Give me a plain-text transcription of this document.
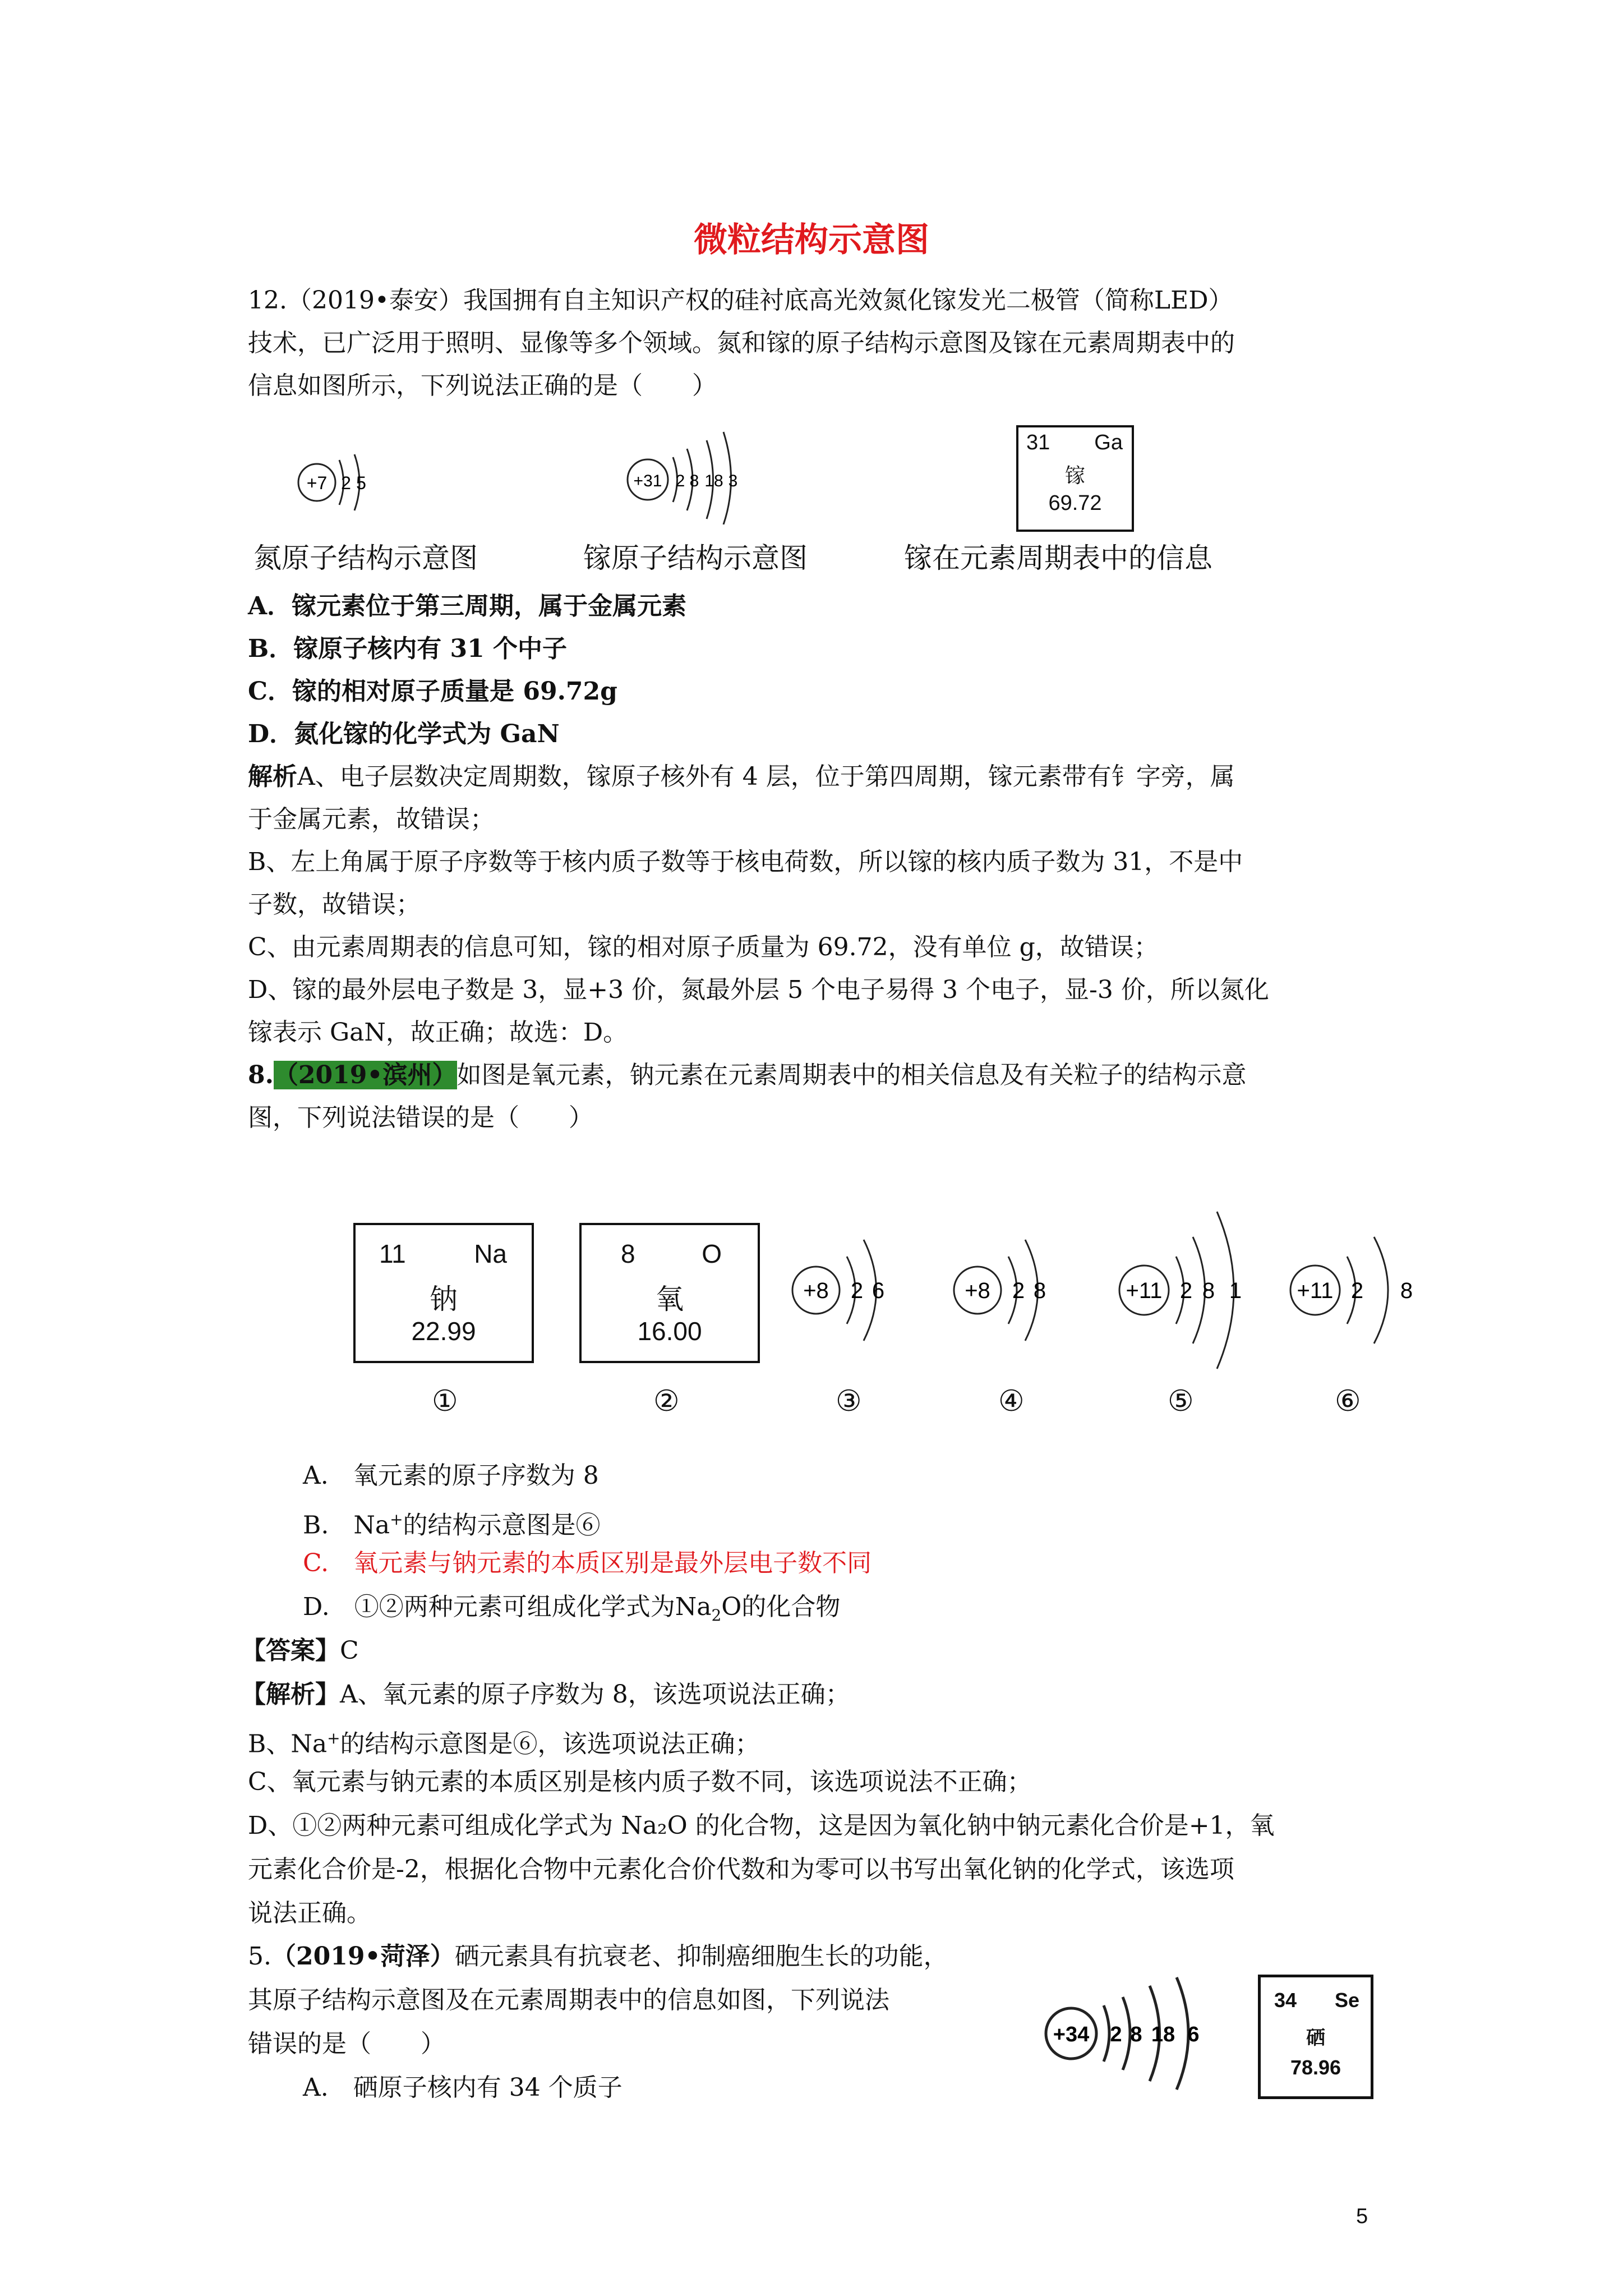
微粒结构示意图
12.（2019•泰安）我国拥有自主知识产权的硅衬底高光效氮化镓发光二极管（简称LED）
技术，已广泛用于照明、显像等多个领域。氮和镓的原子结构示意图及镓在元素周期表中的
信息如图所示，下列说法正确的是（　　）
+7 2 5
氮原子结构示意图
+31 2 8 18 3
镓原子结构示意图
31 Ga
镓
69.72
镓在元素周期表中的信息
A．镓元素位于第三周期，属于金属元素
B．镓原子核内有 31 个中子
C．镓的相对原子质量是 69.72g
D．氮化镓的化学式为 GaN
解析A、电子层数决定周期数，镓原子核外有 4 层，位于第四周期，镓元素带有钅字旁，属
于金属元素，故错误；
B、左上角属于原子序数等于核内质子数等于核电荷数，所以镓的核内质子数为 31，不是中
子数，故错误；
C、由元素周期表的信息可知，镓的相对原子质量为 69.72，没有单位 g，故错误；
D、镓的最外层电子数是 3，显+3 价，氮最外层 5 个电子易得 3 个电子，显-3 价，所以氮化
镓表示 GaN，故正确；故选：D。
8.（2019•滨州）如图是氧元素，钠元素在元素周期表中的相关信息及有关粒子的结构示意
图，下列说法错误的是（　　）
11	Na
钠
22.99
8	O
氧
16.00
+8 2 6	+8 2 8	+11 2 8 1 +11 2 8
①	②	③	④	⑤	⑥
A.　氧元素的原子序数为 8
B.　Na+的结构示意图是⑥
C.　氧元素与钠元素的本质区别是最外层电子数不同
D.　①②两种元素可组成化学式为$Na_2O$的化合物
【答案】C
【解析】A、氧元素的原子序数为 8，该选项说法正确；
B、Na+的结构示意图是⑥，该选项说法正确；
C、氧元素与钠元素的本质区别是核内质子数不同，该选项说法不正确；
D、①②两种元素可组成化学式为 Na₂O 的化合物，这是因为氧化钠中钠元素化合价是+1，氧
元素化合价是-2，根据化合物中元素化合价代数和为零可以书写出氧化钠的化学式，该选项
说法正确。
5.（2019•菏泽）硒元素具有抗衰老、抑制癌细胞生长的功能，
其原子结构示意图及在元素周期表中的信息如图，下列说法
错误的是（　　）
A.　硒原子核内有 34 个质子
+34 2 8 18 6
34 Se
硒
78.96
5
